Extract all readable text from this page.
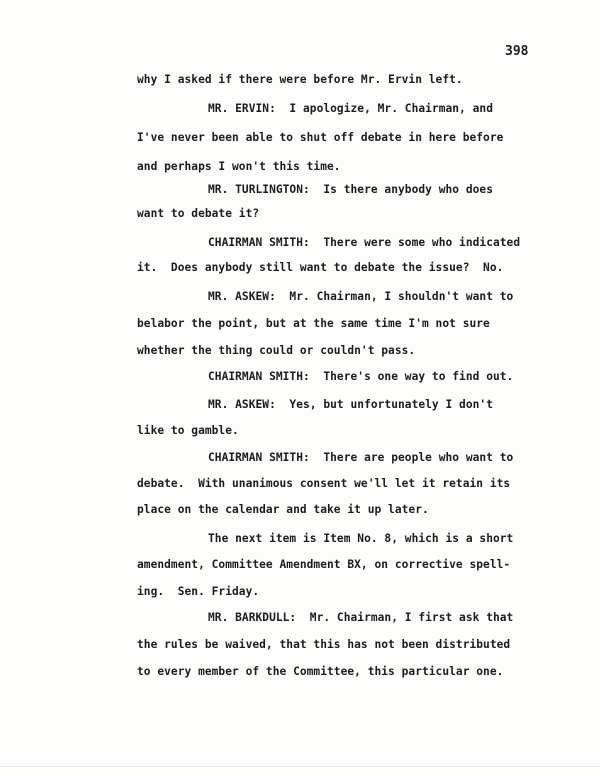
398
why I asked if there were before Mr. Ervin left.
MR. ERVIN:  I apologize, Mr. Chairman, and
I've never been able to shut off debate in here before
and perhaps I won't this time.
MR. TURLINGTON:  Is there anybody who does
want to debate it?
CHAIRMAN SMITH:  There were some who indicated
it.  Does anybody still want to debate the issue?  No.
MR. ASKEW:  Mr. Chairman, I shouldn't want to
belabor the point, but at the same time I'm not sure
whether the thing could or couldn't pass.
CHAIRMAN SMITH:  There's one way to find out.
MR. ASKEW:  Yes, but unfortunately I don't
like to gamble.
CHAIRMAN SMITH:  There are people who want to
debate.  With unanimous consent we'll let it retain its
place on the calendar and take it up later.
The next item is Item No. 8, which is a short
amendment, Committee Amendment BX, on corrective spell-
ing.  Sen. Friday.
MR. BARKDULL:  Mr. Chairman, I first ask that
the rules be waived, that this has not been distributed
to every member of the Committee, this particular one.
